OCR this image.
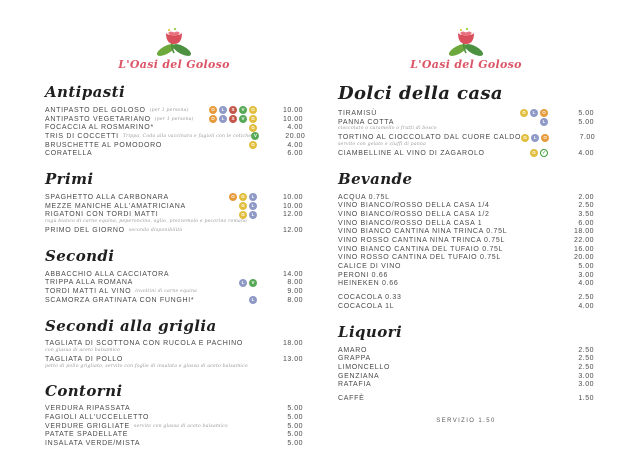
L'Oasi del Goloso
Antipasti
ANTIPASTO DEL GOLOSO (per 1 persona)	O	L	S	V	G	10.00
ANTIPASTO VEGETARIANO (per 1 persona)	O	L	S	V	G	10.00
FOCACCIA AL ROSMARINO*	G	4.00
TRIS DI COCCETTI Trippa, Coda alla vaccinara e fagioli con le cotiche V	20.00
BRUSCHETTE AL POMODORO	G	4.00
CORATELLA	6.00
Primi
SPAGHETTO ALLA CARBONARA	O	G	L	10.00
MEZZE MANICHE ALL'AMATRICIANA	G	L	10.00
RIGATONI CON TORDI MATTI	G	L	12.00
ragù bianco di carne equina, peperoncino, aglio, prezzemolo e pecorino romano
PRIMO DEL GIORNO secondo disponibilità	12.00
Secondi
ABBACCHIO ALLA CACCIATORA	14.00
TRIPPA ALLA ROMANA	L	V	8.00
TORDI MATTI AL VINO involtini di carne equina	9.00
SCAMORZA GRATINATA CON FUNGHI*	L	8.00
Secondi alla griglia
TAGLIATA DI SCOTTONA CON RUCOLA E PACHINO	18.00
con glassa di aceto balsamico
TAGLIATA DI POLLO	13.00
petto di pollo grigliato, servito con foglie di insalata e glassa di aceto balsamico
Contorni
VERDURA RIPASSATA	5.00
FAGIOLI ALL'UCCELLETTO	5.00
VERDURE GRIGLIATE servite con glassa di aceto balsamico	5.00
PATATE SPADELLATE	5.00
INSALATA VERDE/MISTA	5.00
L'Oasi del Goloso
Dolci della casa
TIRAMISÙ	G	L	O	5.00
PANNA COTTA	L	5.00
cioccolato o caramello o frutti di bosco
TORTINO AL CIOCCOLATO DAL CUORE CALDO G	L	O	7.00
servito con gelato e ciuffi di panna
CIAMBELLINE AL VINO DI ZAGAROLO	G	✓	4.00
Bevande
ACQUA 0.75L	2.00
VINO BIANCO/ROSSO DELLA CASA 1/4	2.50
VINO BIANCO/ROSSO DELLA CASA 1/2	3.50
VINO BIANCO/ROSSO DELLA CASA 1	6.00
VINO BIANCO CANTINA NINA TRINCA 0.75L	18.00
VINO ROSSO CANTINA NINA TRINCA 0.75L	22.00
VINO BIANCO CANTINA DEL TUFAIO 0.75L	16.00
VINO ROSSO CANTINA DEL TUFAIO 0.75L	20.00
CALICE DI VINO	5.00
PERONI 0.66	3.00
HEINEKEN 0.66	4.00
COCACOLA 0.33	2.50
COCACOLA 1L	4.00
Liquori
AMARO	2.50
GRAPPA	2.50
LIMONCELLO	2.50
GENZIANA	3.00
RATAFIA	3.00
CAFFÈ	1.50
SERVIZIO 1.50
